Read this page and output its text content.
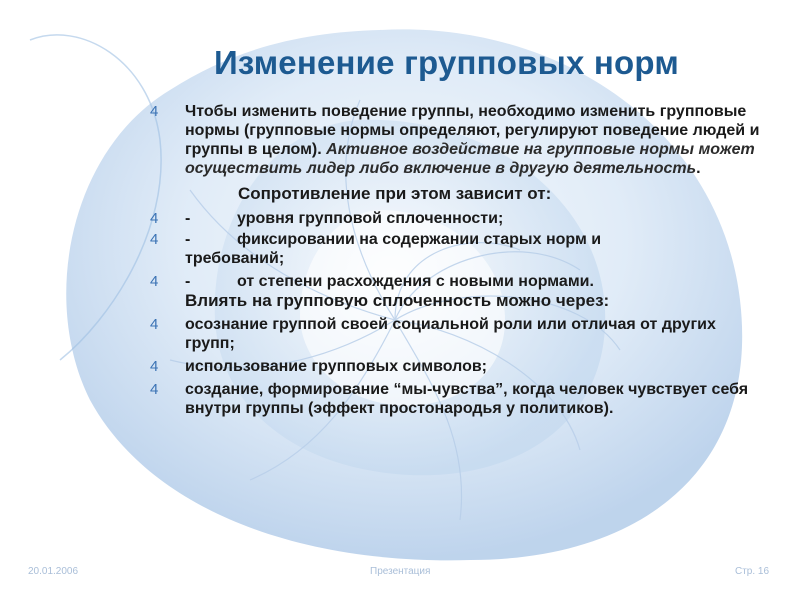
Изменение групповых норм
4 Чтобы изменить поведение группы, необходимо изменить групповые нормы (групповые нормы определяют, регулируют поведение людей и группы в целом). Активное воздействие на групповые нормы может осуществить лидер либо включение в другую деятельность.
Сопротивление при этом зависит от:
4 -	уровня групповой сплоченности;
4 -	фиксировании на содержании старых норм и
требований;
4 -	от степени расхождения с новыми нормами.
Влиять на групповую сплоченность можно через:
4 осознание группой своей социальной роли или отличая от других групп;
4 использование групповых символов;
4 создание, формирование “мы-чувства”, когда человек чувствует себя внутри группы (эффект простонародья у политиков).
20.01.2006	Презентация	Стр. 16
